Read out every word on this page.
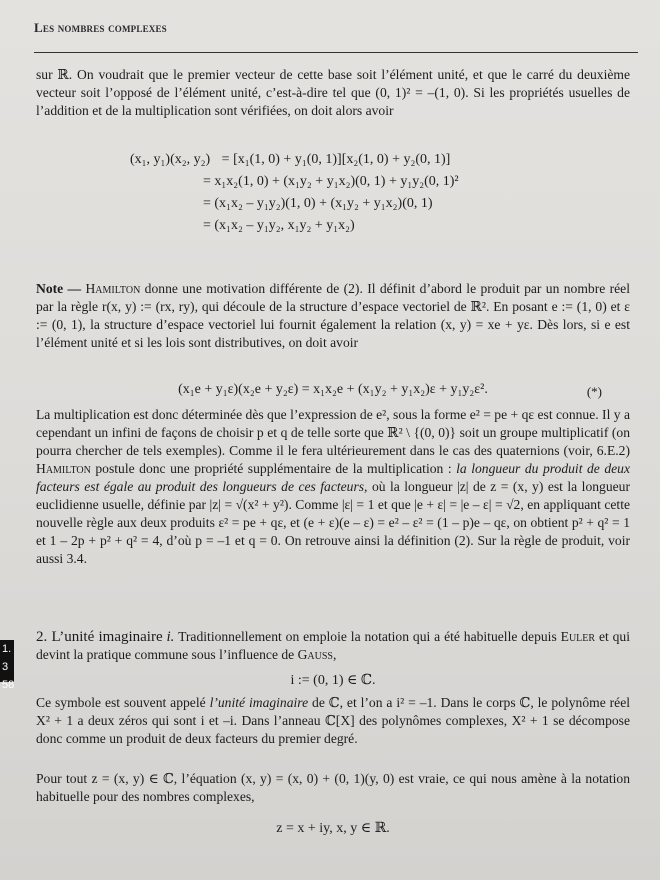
Les nombres complexes

sur ℝ. On voudrait que le premier vecteur de cette base soit l’élément unité, et que le carré du deuxième vecteur soit l’opposé de l’élément unité, c’est-à-dire tel que (0, 1)² = –(1, 0). Si les propriétés usuelles de l’addition et de la multiplication sont vérifiées, on doit alors avoir

(x₁, y₁)(x₂, y₂) = [x₁(1, 0) + y₁(0, 1)][x₂(1, 0) + y₂(0, 1)]
= x₁x₂(1, 0) + (x₁y₂ + y₁x₂)(0, 1) + y₁y₂(0, 1)²
= (x₁x₂ – y₁y₂)(1, 0) + (x₁y₂ + y₁x₂)(0, 1)
= (x₁x₂ – y₁y₂, x₁y₂ + y₁x₂)

Note — Hamilton donne une motivation différente de (2). Il définit d’abord le produit par un nombre réel par la règle r(x, y) := (rx, ry), qui découle de la structure d’espace vectoriel de ℝ². En posant e := (1, 0) et ε := (0, 1), la structure d’espace vectoriel lui fournit également la relation (x, y) = xe + yε. Dès lors, si e est l’élément unité et si les lois sont distributives, on doit avoir

(x₁e + y₁ε)(x₂e + y₂ε) = x₁x₂e + (x₁y₂ + y₁x₂)ε + y₁y₂ε².	(*)

La multiplication est donc déterminée dès que l’expression de e², sous la forme e² = pe + qε est connue. Il y a cependant un infini de façons de choisir p et q de telle sorte que ℝ² \ {(0, 0)} soit un groupe multiplicatif (on pourra chercher de tels exemples). Comme il le fera ultérieurement dans le cas des quaternions (voir, 6.E.2) Hamilton postule donc une propriété supplémentaire de la multiplication : la longueur du produit de deux facteurs est égale au produit des longueurs de ces facteurs, où la longueur |z| de z = (x, y) est la longueur euclidienne usuelle, définie par |z| = √(x² + y²). Comme |ε| = 1 et que |e + ε| = |e – ε| = √2, en appliquant cette nouvelle règle aux deux produits ε² = pe + qε, et (e + ε)(e – ε) = e² – ε² = (1 – p)e – qε, on obtient p² + q² = 1 et 1 – 2p + p² + q² = 4, d’où p = –1 et q = 0. On retrouve ainsi la définition (2). Sur la règle de produit, voir aussi 3.4.

1. 3
58

2. L’unité imaginaire i. Traditionnellement on emploie la notation qui a été habituelle depuis Euler et qui devint la pratique commune sous l’influence de Gauss,

i := (0, 1) ∈ ℂ.

Ce symbole est souvent appelé l’unité imaginaire de ℂ, et l’on a i² = –1. Dans le corps ℂ, le polynôme réel X² + 1 a deux zéros qui sont i et –i. Dans l’anneau ℂ[X] des polynômes complexes, X² + 1 se décompose donc comme un produit de deux facteurs du premier degré.

Pour tout z = (x, y) ∈ ℂ, l’équation (x, y) = (x, 0) + (0, 1)(y, 0) est vraie, ce qui nous amène à la notation habituelle pour des nombres complexes,

z = x + iy, x, y ∈ ℝ.
